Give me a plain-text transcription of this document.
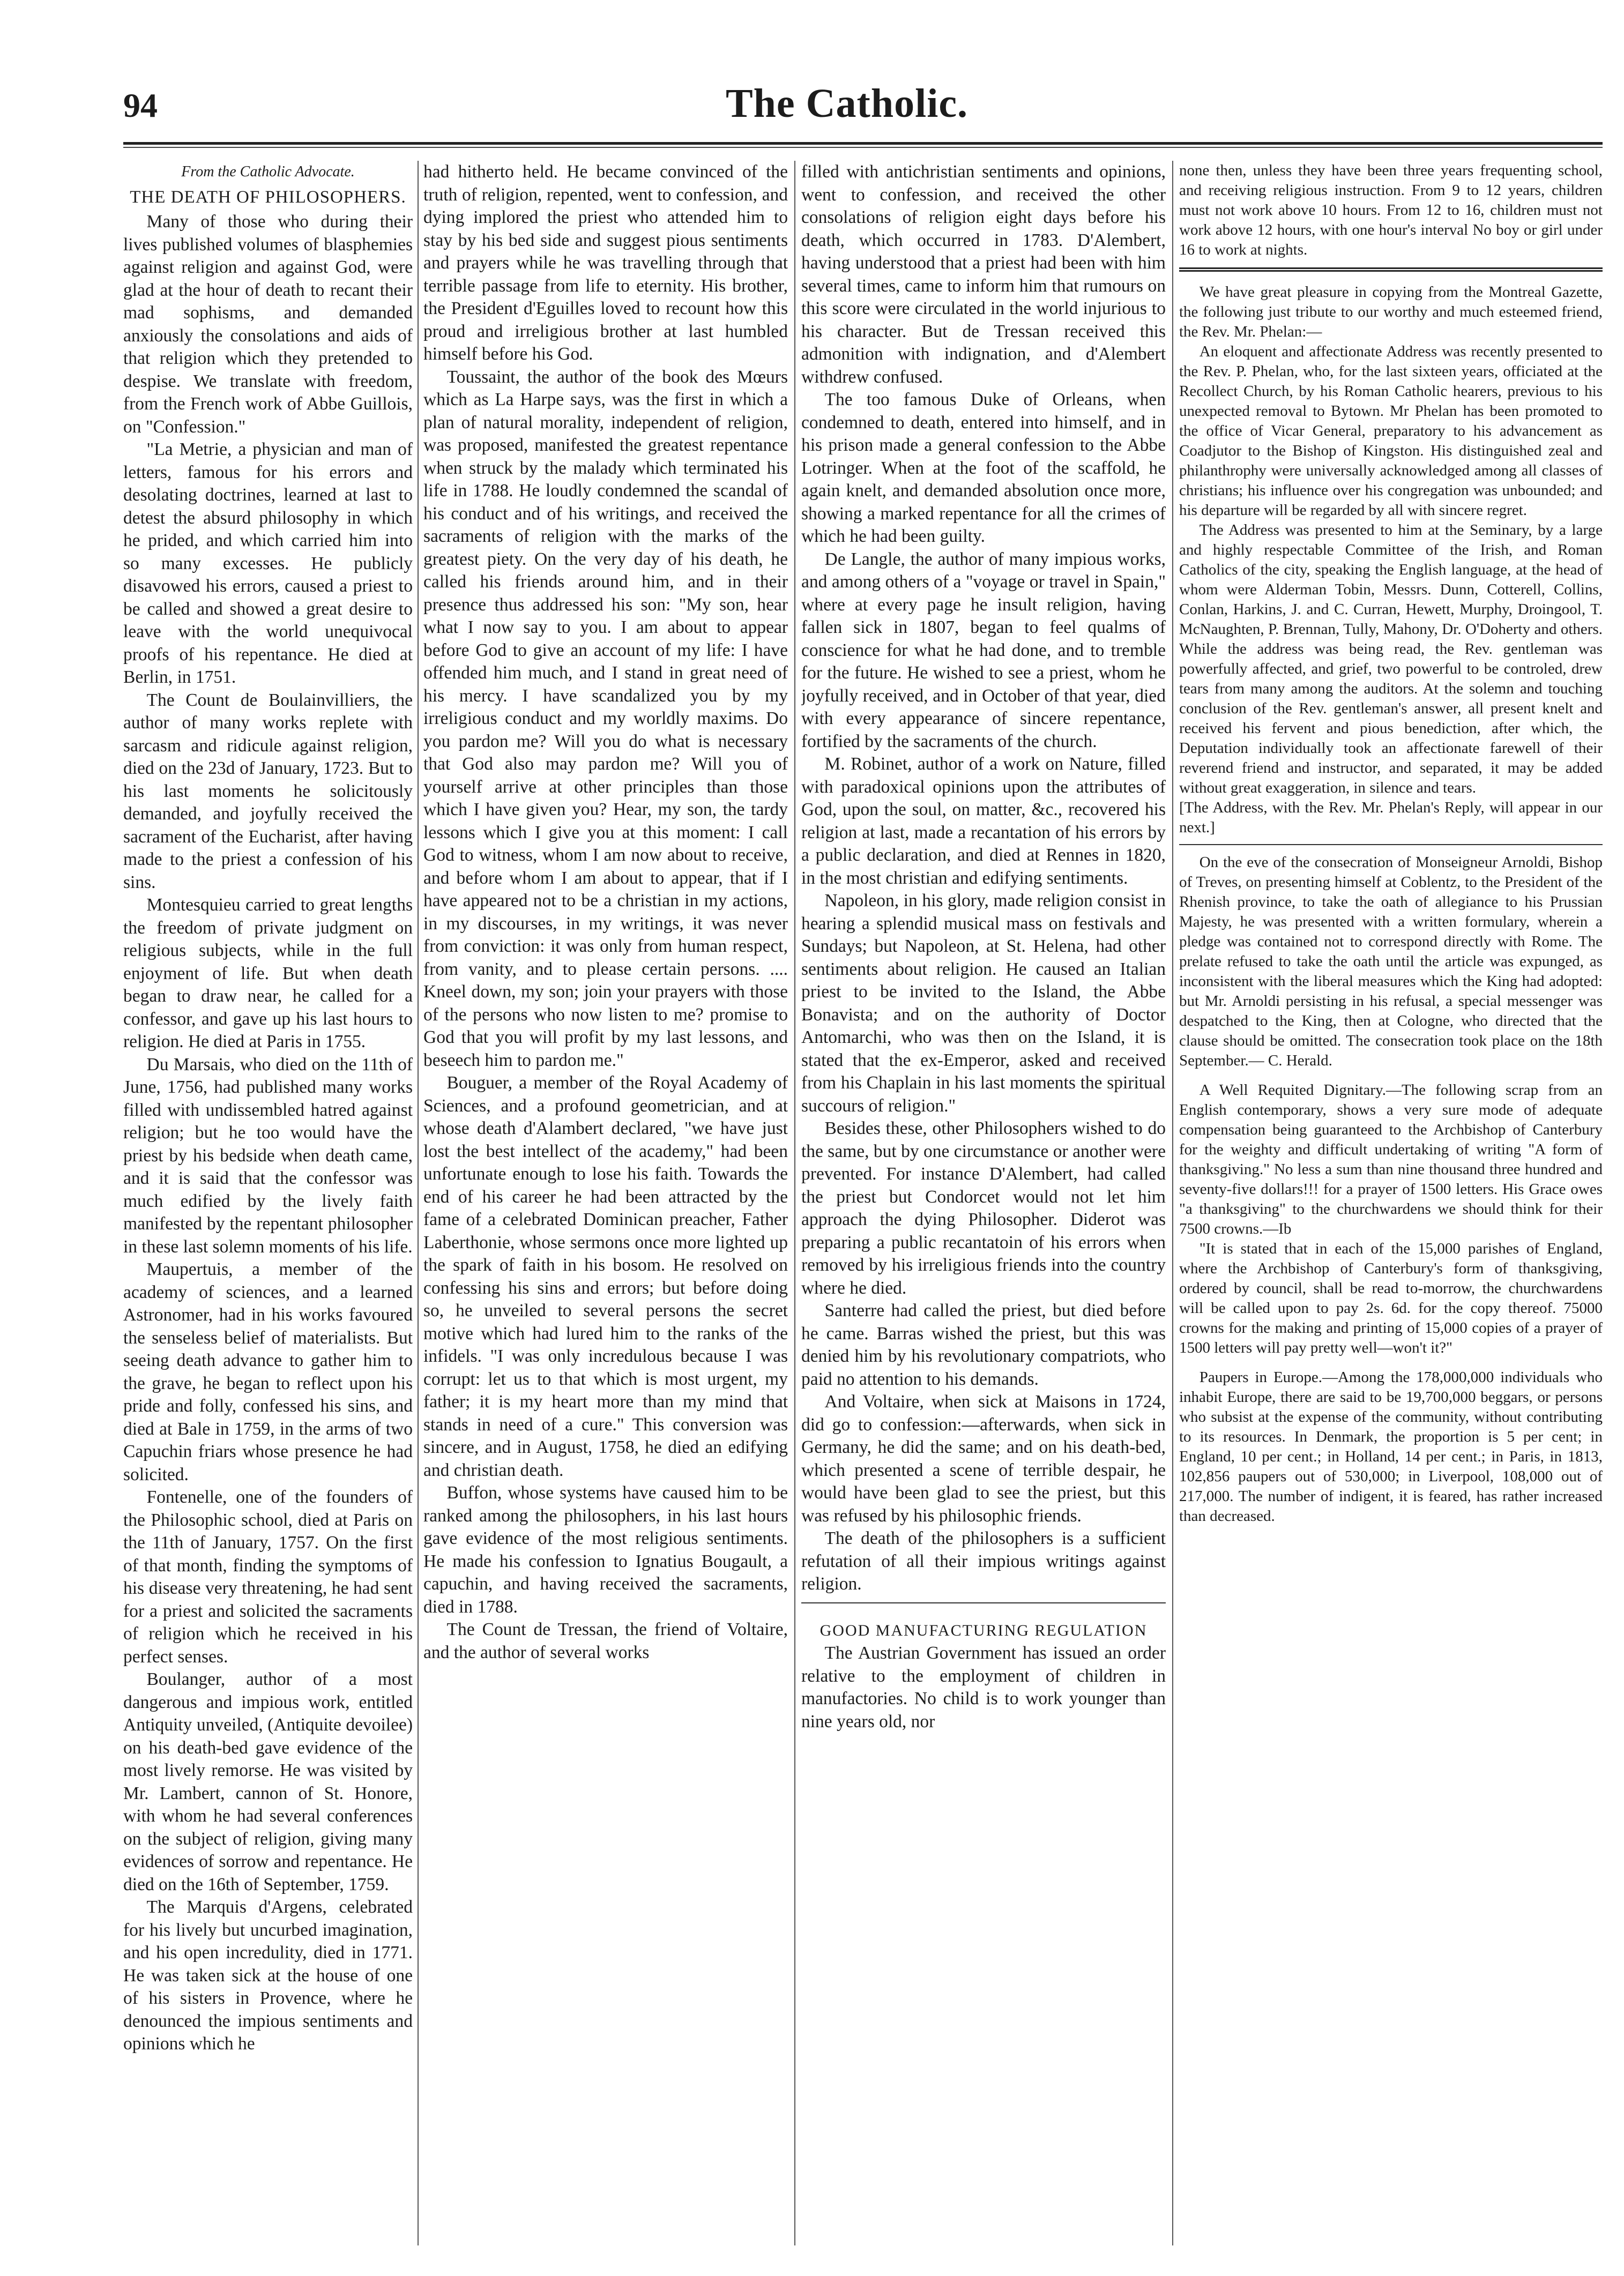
94	The Catholic.

From the Catholic Advocate.

THE DEATH OF PHILOSOPHERS.

Many of those who during their lives published volumes of blasphemies against religion and against God, were glad at the hour of death to recant their mad sophisms, and demanded anxiously the consolations and aids of that religion which they pretended to despise. We translate with freedom, from the French work of Abbe Guillois, on "Confession."

"La Metrie, a physician and man of letters, famous for his errors and desolating doctrines, learned at last to detest the absurd philosophy in which he prided, and which carried him into so many excesses. He publicly disavowed his errors, caused a priest to be called and showed a great desire to leave with the world unequivocal proofs of his repentance. He died at Berlin, in 1751.

The Count de Boulainvilliers, the author of many works replete with sarcasm and ridicule against religion, died on the 23d of January, 1723. But to his last moments he solicitously demanded, and joyfully received the sacrament of the Eucharist, after having made to the priest a confession of his sins.

Montesquieu carried to great lengths the freedom of private judgment on religious subjects, while in the full enjoyment of life. But when death began to draw near, he called for a confessor, and gave up his last hours to religion. He died at Paris in 1755.

Du Marsais, who died on the 11th of June, 1756, had published many works filled with undissembled hatred against religion; but he too would have the priest by his bedside when death came, and it is said that the confessor was much edified by the lively faith manifested by the repentant philosopher in these last solemn moments of his life.

Maupertuis, a member of the academy of sciences, and a learned Astronomer, had in his works favoured the senseless belief of materialists. But seeing death advance to gather him to the grave, he began to reflect upon his pride and folly, confessed his sins, and died at Bale in 1759, in the arms of two Capuchin friars whose presence he had solicited.

Fontenelle, one of the founders of the Philosophic school, died at Paris on the 11th of January, 1757. On the first of that month, finding the symptoms of his disease very threatening, he had sent for a priest and solicited the sacraments of religion which he received in his perfect senses.

Boulanger, author of a most dangerous and impious work, entitled Antiquity unveiled, (Antiquite devoilee) on his death-bed gave evidence of the most lively remorse. He was visited by Mr. Lambert, cannon of St. Honore, with whom he had several conferences on the subject of religion, giving many evidences of sorrow and repentance. He died on the 16th of September, 1759.

The Marquis d'Argens, celebrated for his lively but uncurbed imagination, and his open incredulity, died in 1771. He was taken sick at the house of one of his sisters in Provence, where he denounced the impious sentiments and opinions which he

had hitherto held. He became convinced of the truth of religion, repented, went to confession, and dying implored the priest who attended him to stay by his bed side and suggest pious sentiments and prayers while he was travelling through that terrible passage from life to eternity. His brother, the President d'Eguilles loved to recount how this proud and irreligious brother at last humbled himself before his God.

Toussaint, the author of the book des Mœurs which as La Harpe says, was the first in which a plan of natural morality, independent of religion, was proposed, manifested the greatest repentance when struck by the malady which terminated his life in 1788. He loudly condemned the scandal of his conduct and of his writings, and received the sacraments of religion with the marks of the greatest piety. On the very day of his death, he called his friends around him, and in their presence thus addressed his son: "My son, hear what I now say to you. I am about to appear before God to give an account of my life: I have offended him much, and I stand in great need of his mercy. I have scandalized you by my irreligious conduct and my worldly maxims. Do you pardon me? Will you do what is necessary that God also may pardon me? Will you of yourself arrive at other principles than those which I have given you? Hear, my son, the tardy lessons which I give you at this moment: I call God to witness, whom I am now about to receive, and before whom I am about to appear, that if I have appeared not to be a christian in my actions, in my discourses, in my writings, it was never from conviction: it was only from human respect, from vanity, and to please certain persons. .... Kneel down, my son; join your prayers with those of the persons who now listen to me? promise to God that you will profit by my last lessons, and beseech him to pardon me."

Bouguer, a member of the Royal Academy of Sciences, and a profound geometrician, and at whose death d'Alambert declared, "we have just lost the best intellect of the academy," had been unfortunate enough to lose his faith. Towards the end of his career he had been attracted by the fame of a celebrated Dominican preacher, Father Laberthonie, whose sermons once more lighted up the spark of faith in his bosom. He resolved on confessing his sins and errors; but before doing so, he unveiled to several persons the secret motive which had lured him to the ranks of the infidels. "I was only incredulous because I was corrupt: let us to that which is most urgent, my father; it is my heart more than my mind that stands in need of a cure." This conversion was sincere, and in August, 1758, he died an edifying and christian death.

Buffon, whose systems have caused him to be ranked among the philosophers, in his last hours gave evidence of the most religious sentiments. He made his confession to Ignatius Bougault, a capuchin, and having received the sacraments, died in 1788.

The Count de Tressan, the friend of Voltaire, and the author of several works

filled with antichristian sentiments and opinions, went to confession, and received the other consolations of religion eight days before his death, which occurred in 1783. D'Alembert, having understood that a priest had been with him several times, came to inform him that rumours on this score were circulated in the world injurious to his character. But de Tressan received this admonition with indignation, and d'Alembert withdrew confused.

The too famous Duke of Orleans, when condemned to death, entered into himself, and in his prison made a general confession to the Abbe Lotringer. When at the foot of the scaffold, he again knelt, and demanded absolution once more, showing a marked repentance for all the crimes of which he had been guilty.

De Langle, the author of many impious works, and among others of a "voyage or travel in Spain," where at every page he insult religion, having fallen sick in 1807, began to feel qualms of conscience for what he had done, and to tremble for the future. He wished to see a priest, whom he joyfully received, and in October of that year, died with every appearance of sincere repentance, fortified by the sacraments of the church.

M. Robinet, author of a work on Nature, filled with paradoxical opinions upon the attributes of God, upon the soul, on matter, &c., recovered his religion at last, made a recantation of his errors by a public declaration, and died at Rennes in 1820, in the most christian and edifying sentiments.

Napoleon, in his glory, made religion consist in hearing a splendid musical mass on festivals and Sundays; but Napoleon, at St. Helena, had other sentiments about religion. He caused an Italian priest to be invited to the Island, the Abbe Bonavista; and on the authority of Doctor Antomarchi, who was then on the Island, it is stated that the ex-Emperor, asked and received from his Chaplain in his last moments the spiritual succours of religion."

Besides these, other Philosophers wished to do the same, but by one circumstance or another were prevented. For instance D'Alembert, had called the priest but Condorcet would not let him approach the dying Philosopher. Diderot was preparing a public recantatoin of his errors when removed by his irreligious friends into the country where he died.

Santerre had called the priest, but died before he came. Barras wished the priest, but this was denied him by his revolutionary compatriots, who paid no attention to his demands.

And Voltaire, when sick at Maisons in 1724, did go to confession:—afterwards, when sick in Germany, he did the same; and on his death-bed, which presented a scene of terrible despair, he would have been glad to see the priest, but this was refused by his philosophic friends.

The death of the philosophers is a sufficient refutation of all their impious writings against religion.

GOOD MANUFACTURING REGULATION

The Austrian Government has issued an order relative to the employment of children in manufactories. No child is to work younger than nine years old, nor

none then, unless they have been three years frequenting school, and receiving religious instruction. From 9 to 12 years, children must not work above 10 hours. From 12 to 16, children must not work above 12 hours, with one hour's interval No boy or girl under 16 to work at nights.

We have great pleasure in copying from the Montreal Gazette, the following just tribute to our worthy and much esteemed friend, the Rev. Mr. Phelan:—

An eloquent and affectionate Address was recently presented to the Rev. P. Phelan, who, for the last sixteen years, officiated at the Recollect Church, by his Roman Catholic hearers, previous to his unexpected removal to Bytown. Mr Phelan has been promoted to the office of Vicar General, preparatory to his advancement as Coadjutor to the Bishop of Kingston. His distinguished zeal and philanthrophy were universally acknowledged among all classes of christians; his influence over his congregation was unbounded; and his departure will be regarded by all with sincere regret.

The Address was presented to him at the Seminary, by a large and highly respectable Committee of the Irish, and Roman Catholics of the city, speaking the English language, at the head of whom were Alderman Tobin, Messrs. Dunn, Cotterell, Collins, Conlan, Harkins, J. and C. Curran, Hewett, Murphy, Droingool, T. McNaughten, P. Brennan, Tully, Mahony, Dr. O'Doherty and others. While the address was being read, the Rev. gentleman was powerfully affected, and grief, two powerful to be controled, drew tears from many among the auditors. At the solemn and touching conclusion of the Rev. gentleman's answer, all present knelt and received his fervent and pious benediction, after which, the Deputation individually took an affectionate farewell of their reverend friend and instructor, and separated, it may be added without great exaggeration, in silence and tears.

[The Address, with the Rev. Mr. Phelan's Reply, will appear in our next.]

On the eve of the consecration of Monseigneur Arnoldi, Bishop of Treves, on presenting himself at Coblentz, to the President of the Rhenish province, to take the oath of allegiance to his Prussian Majesty, he was presented with a written formulary, wherein a pledge was contained not to correspond directly with Rome. The prelate refused to take the oath until the article was expunged, as inconsistent with the liberal measures which the King had adopted: but Mr. Arnoldi persisting in his refusal, a special messenger was despatched to the King, then at Cologne, who directed that the clause should be omitted. The consecration took place on the 18th September.— C. Herald.

A Well Requited Dignitary.—The following scrap from an English contemporary, shows a very sure mode of adequate compensation being guaranteed to the Archbishop of Canterbury for the weighty and difficult undertaking of writing "A form of thanksgiving." No less a sum than nine thousand three hundred and seventy-five dollars!!! for a prayer of 1500 letters. His Grace owes "a thanksgiving" to the churchwardens we should think for their 7500 crowns.—Ib

"It is stated that in each of the 15,000 parishes of England, where the Archbishop of Canterbury's form of thanksgiving, ordered by council, shall be read to-morrow, the churchwardens will be called upon to pay 2s. 6d. for the copy thereof. 75000 crowns for the making and printing of 15,000 copies of a prayer of 1500 letters will pay pretty well—won't it?"

Paupers in Europe.—Among the 178,000,000 individuals who inhabit Europe, there are said to be 19,700,000 beggars, or persons who subsist at the expense of the community, without contributing to its resources. In Denmark, the proportion is 5 per cent; in England, 10 per cent.; in Holland, 14 per cent.; in Paris, in 1813, 102,856 paupers out of 530,000; in Liverpool, 108,000 out of 217,000. The number of indigent, it is feared, has rather increased than decreased.
